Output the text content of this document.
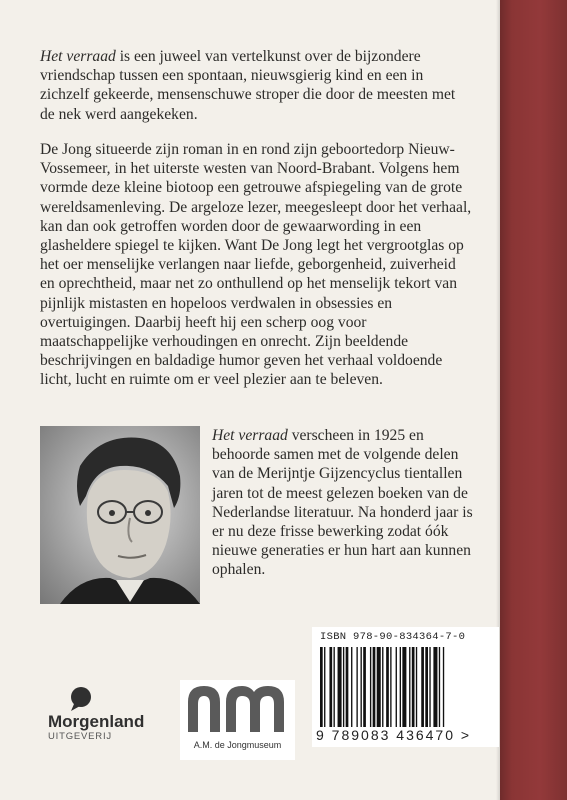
Het verraad is een juweel van vertelkunst over de bijzondere vriendschap tussen een spontaan, nieuwsgierig kind en een in zichzelf gekeerde, mensenschuwe stroper die door de meesten met de nek werd aangekeken.

De Jong situeerde zijn roman in en rond zijn geboortedorp Nieuw-Vossemeer, in het uiterste westen van Noord-Brabant. Volgens hem vormde deze kleine biotoop een getrouwe afspiegeling van de grote wereldsamenleving. De argeloze lezer, meegesleept door het verhaal, kan dan ook getroffen worden door de gewaarwording in een glasheldere spiegel te kijken. Want De Jong legt het vergrootglas op het oer menselijke verlangen naar liefde, geborgenheid, zuiverheid en oprechtheid, maar net zo onthullend op het menselijk tekort van pijnlijk mistasten en hopeloos verdwalen in obsessies en overtuigingen. Daarbij heeft hij een scherp oog voor maatschappelijke verhoudingen en onrecht. Zijn beeldende beschrijvingen en baldadige humor geven het verhaal voldoende licht, lucht en ruimte om er veel plezier aan te beleven.

Het verraad verscheen in 1925 en behoorde samen met de volgende delen van de Merijntje Gijzencyclus tientallen jaren tot de meest gelezen boeken van de Nederlandse literatuur. Na honderd jaar is er nu deze frisse bewerking zodat óók nieuwe generaties er hun hart aan kunnen ophalen.

Morgenland
UITGEVERIJ
A.M. de Jongmuseum
ISBN 978-90-834364-7-0
9 789083 436470 >
